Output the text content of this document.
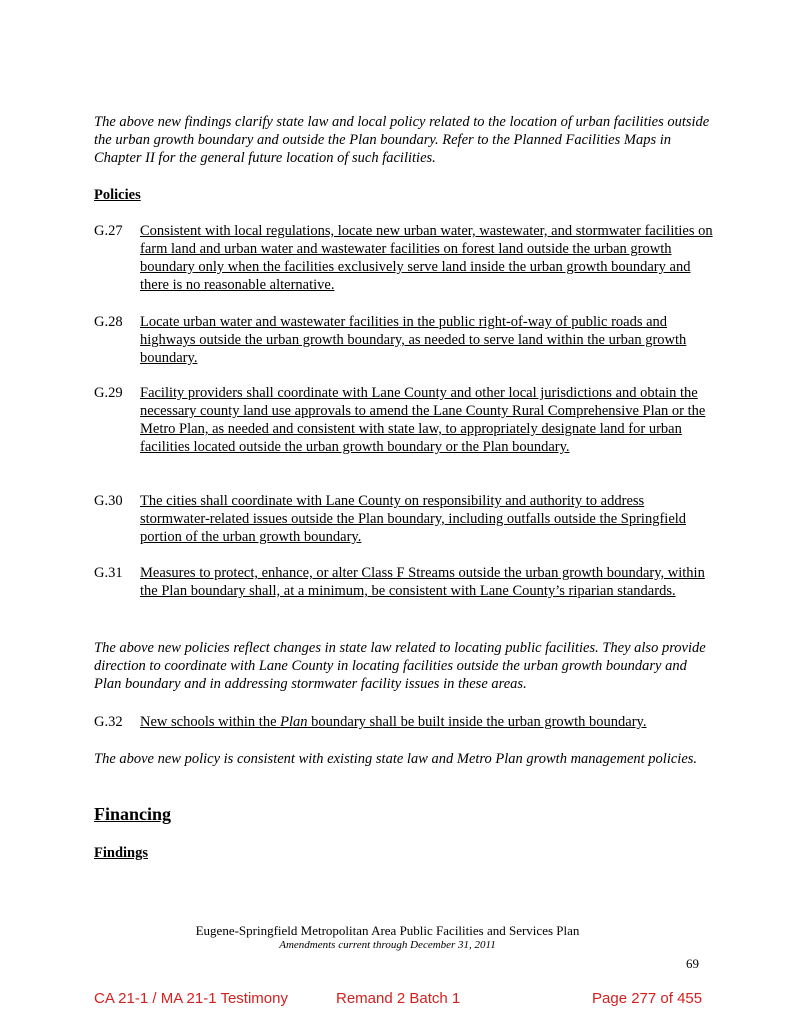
The above new findings clarify state law and local policy related to the location of urban facilities outside the urban growth boundary and outside the Plan boundary. Refer to the Planned Facilities Maps in Chapter II for the general future location of such facilities.
Policies
G.27	Consistent with local regulations, locate new urban water, wastewater, and stormwater facilities on farm land and urban water and wastewater facilities on forest land outside the urban growth boundary only when the facilities exclusively serve land inside the urban growth boundary and there is no reasonable alternative.
G.28	Locate urban water and wastewater facilities in the public right-of-way of public roads and highways outside the urban growth boundary, as needed to serve land within the urban growth boundary.
G.29	Facility providers shall coordinate with Lane County and other local jurisdictions and obtain the necessary county land use approvals to amend the Lane County Rural Comprehensive Plan or the Metro Plan, as needed and consistent with state law, to appropriately designate land for urban facilities located outside the urban growth boundary or the Plan boundary.
G.30	The cities shall coordinate with Lane County on responsibility and authority to address stormwater-related issues outside the Plan boundary, including outfalls outside the Springfield portion of the urban growth boundary.
G.31	Measures to protect, enhance, or alter Class F Streams outside the urban growth boundary, within the Plan boundary shall, at a minimum, be consistent with Lane County’s riparian standards.
The above new policies reflect changes in state law related to locating public facilities. They also provide direction to coordinate with Lane County in locating facilities outside the urban growth boundary and Plan boundary and in addressing stormwater facility issues in these areas.
G.32	New schools within the Plan boundary shall be built inside the urban growth boundary.
The above new policy is consistent with existing state law and Metro Plan growth management policies.
Financing
Findings
Eugene-Springfield Metropolitan Area Public Facilities and Services Plan
Amendments current through December 31, 2011
69
CA 21-1 / MA 21-1 Testimony	Remand 2 Batch 1	Page 277 of 455
